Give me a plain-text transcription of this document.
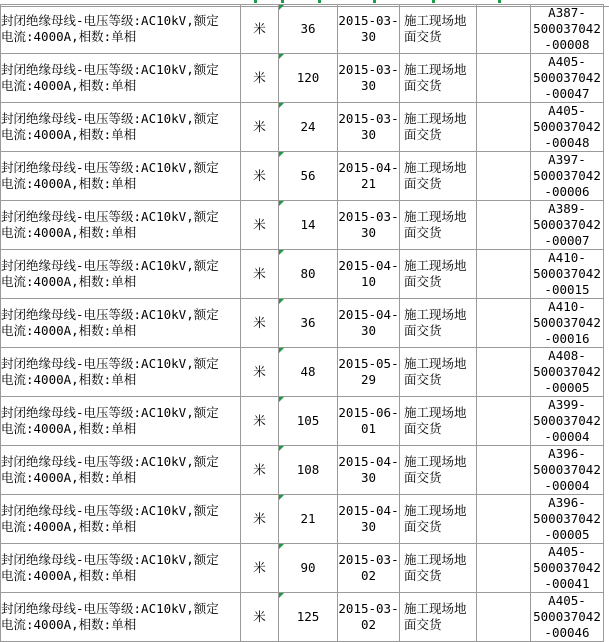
封闭绝缘母线-电压等级:AC10kV,额定
电流:4000A,相数:单相	米	36	2015-03-
30	施工现场地
面交货		A387-
500037042
-00008

封闭绝缘母线-电压等级:AC10kV,额定
电流:4000A,相数:单相	米	120	2015-03-
30	施工现场地
面交货		A405-
500037042
-00047

封闭绝缘母线-电压等级:AC10kV,额定
电流:4000A,相数:单相	米	24	2015-03-
30	施工现场地
面交货		A405-
500037042
-00048

封闭绝缘母线-电压等级:AC10kV,额定
电流:4000A,相数:单相	米	56	2015-04-
21	施工现场地
面交货		A397-
500037042
-00006

封闭绝缘母线-电压等级:AC10kV,额定
电流:4000A,相数:单相	米	14	2015-03-
30	施工现场地
面交货		A389-
500037042
-00007

封闭绝缘母线-电压等级:AC10kV,额定
电流:4000A,相数:单相	米	80	2015-04-
10	施工现场地
面交货		A410-
500037042
-00015

封闭绝缘母线-电压等级:AC10kV,额定
电流:4000A,相数:单相	米	36	2015-04-
30	施工现场地
面交货		A410-
500037042
-00016

封闭绝缘母线-电压等级:AC10kV,额定
电流:4000A,相数:单相	米	48	2015-05-
29	施工现场地
面交货		A408-
500037042
-00005

封闭绝缘母线-电压等级:AC10kV,额定
电流:4000A,相数:单相	米	105	2015-06-
01	施工现场地
面交货		A399-
500037042
-00004

封闭绝缘母线-电压等级:AC10kV,额定
电流:4000A,相数:单相	米	108	2015-04-
30	施工现场地
面交货		A396-
500037042
-00004

封闭绝缘母线-电压等级:AC10kV,额定
电流:4000A,相数:单相	米	21	2015-04-
30	施工现场地
面交货		A396-
500037042
-00005

封闭绝缘母线-电压等级:AC10kV,额定
电流:4000A,相数:单相	米	90	2015-03-
02	施工现场地
面交货		A405-
500037042
-00041

封闭绝缘母线-电压等级:AC10kV,额定
电流:4000A,相数:单相	米	125	2015-03-
02	施工现场地
面交货		A405-
500037042
-00046
